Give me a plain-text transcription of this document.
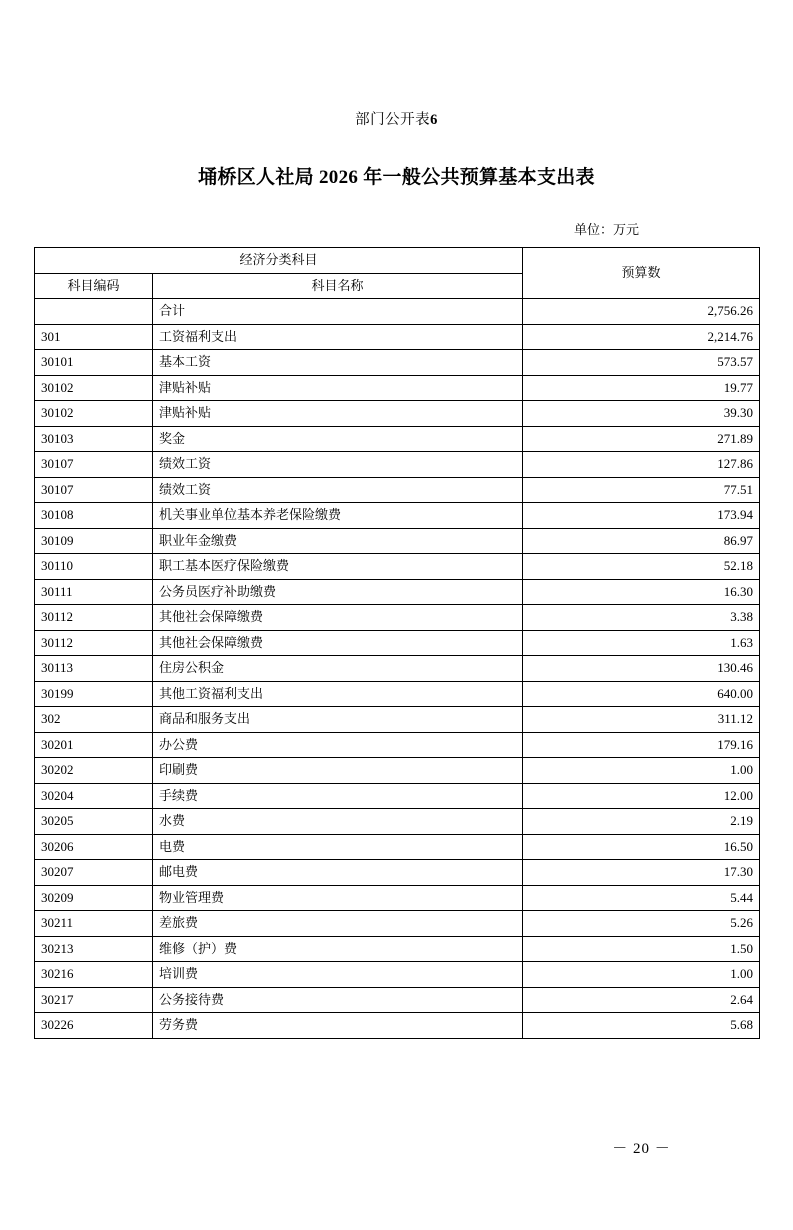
部门公开表6
埇桥区人社局 2026 年一般公共预算基本支出表
单位：万元
经济分类科目		预算数
科目编码	科目名称	
	合计	2,756.26
301	工资福利支出	2,214.76
30101	基本工资	573.57
30102	津贴补贴	19.77
30102	津贴补贴	39.30
30103	奖金	271.89
30107	绩效工资	127.86
30107	绩效工资	77.51
30108	机关事业单位基本养老保险缴费	173.94
30109	职业年金缴费	86.97
30110	职工基本医疗保险缴费	52.18
30111	公务员医疗补助缴费	16.30
30112	其他社会保障缴费	3.38
30112	其他社会保障缴费	1.63
30113	住房公积金	130.46
30199	其他工资福利支出	640.00
302	商品和服务支出	311.12
30201	办公费	179.16
30202	印刷费	1.00
30204	手续费	12.00
30205	水费	2.19
30206	电费	16.50
30207	邮电费	17.30
30209	物业管理费	5.44
30211	差旅费	5.26
30213	维修（护）费	1.50
30216	培训费	1.00
30217	公务接待费	2.64
30226	劳务费	5.68
－ 20 －
